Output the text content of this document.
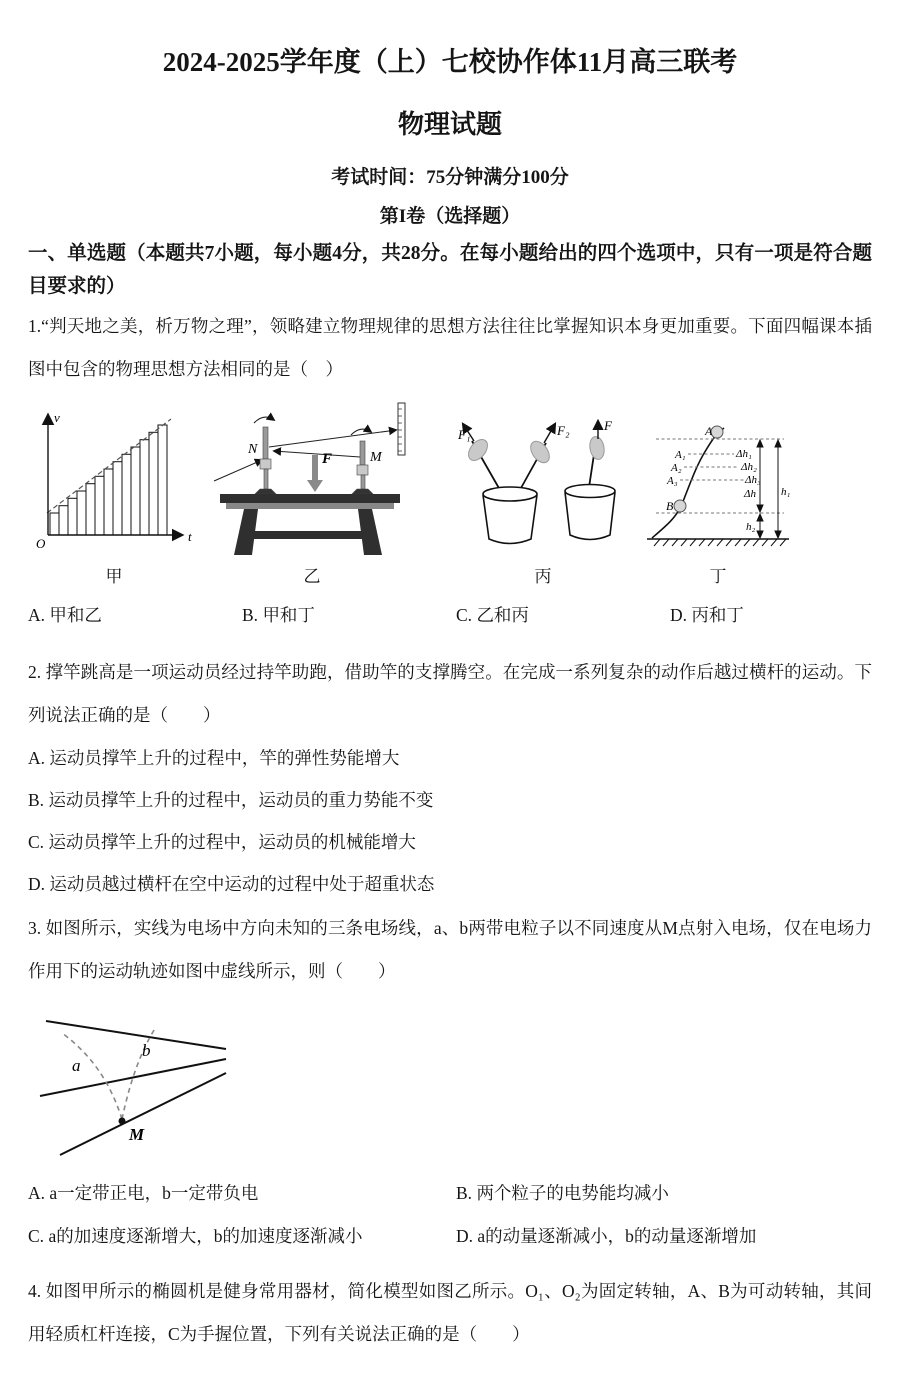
2024-2025学年度（上）七校协作体11月高三联考
物理试题
考试时间：75分钟满分100分
第I卷（选择题）

一、单选题（本题共7小题，每小题4分，共28分。在每小题给出的四个选项中，只有一项是符合题目要求的）

1.“判天地之美，析万物之理”，领略建立物理规律的思想方法往往比掌握知识本身更加重要。下面四幅课本插图中包含的物理思想方法相同的是（　）

v
t
O
甲
N
M
F
乙
F₁	F₂	F
丙
A
A₁
A₂
A₃
B
Δh₁
Δh₂
Δh₃
Δh h₁
h₂
丁
A. 甲和乙	B. 甲和丁	C. 乙和丙	D. 丙和丁

2. 撑竿跳高是一项运动员经过持竿助跑，借助竿的支撑腾空。在完成一系列复杂的动作后越过横杆的运动。下列说法正确的是（　　）

A. 运动员撑竿上升的过程中，竿的弹性势能增大
B. 运动员撑竿上升的过程中，运动员的重力势能不变
C. 运动员撑竿上升的过程中，运动员的机械能增大
D. 运动员越过横杆在空中运动的过程中处于超重状态

3. 如图所示，实线为电场中方向未知的三条电场线，a、b两带电粒子以不同速度从M点射入电场，仅在电场力作用下的运动轨迹如图中虚线所示，则（　　）

a
b
M
A. a一定带正电，b一定带负电	B. 两个粒子的电势能均减小
C. a的加速度逐渐增大，b的加速度逐渐减小	D. a的动量逐渐减小，b的动量逐渐增加

4. 如图甲所示的椭圆机是健身常用器材，简化模型如图乙所示。O₁、O₂为固定转轴，A、B为可动转轴，其间用轻质杠杆连接，C为手握位置，下列有关说法正确的是（　　）
